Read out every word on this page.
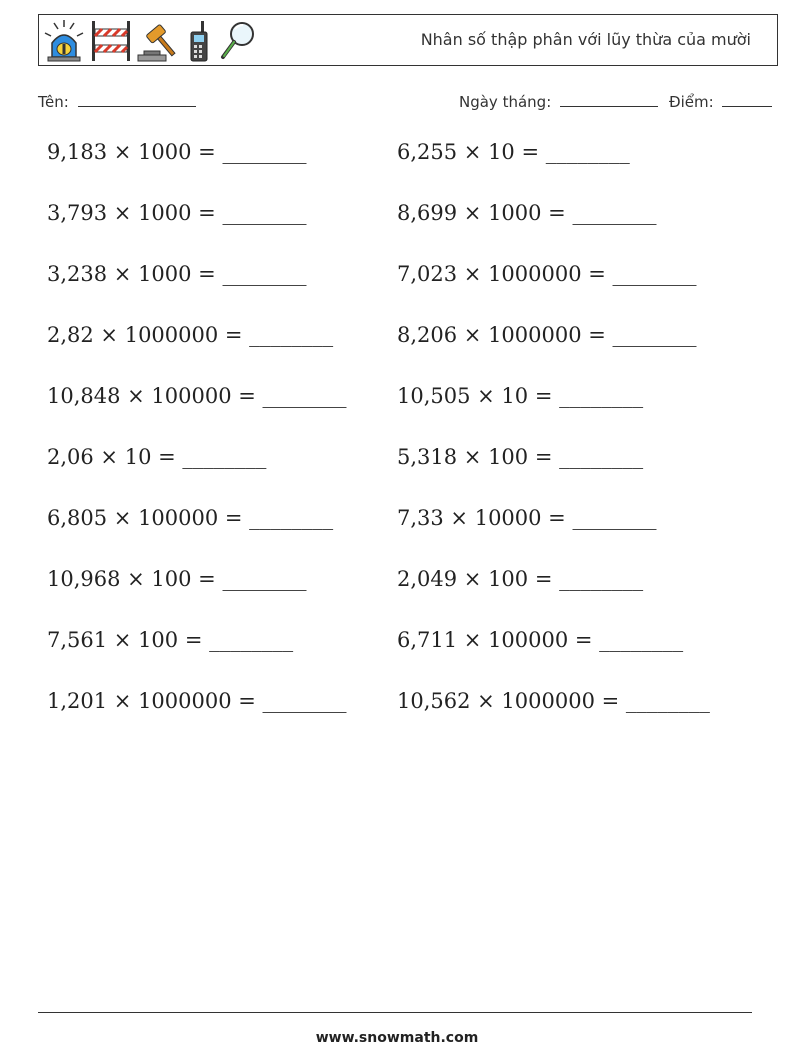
Nhân số thập phân với lũy thừa của mười
Tên:	Ngày tháng:	Điểm:
9,183 × 1000 = ________	6,255 × 10 = ________
3,793 × 1000 = ________	8,699 × 1000 = ________
3,238 × 1000 = ________	7,023 × 1000000 = ________
2,82 × 1000000 = ________	8,206 × 1000000 = ________
10,848 × 100000 = ________ 10,505 × 10 = ________
2,06 × 10 = ________	5,318 × 100 = ________
6,805 × 100000 = ________	7,33 × 10000 = ________
10,968 × 100 = ________	2,049 × 100 = ________
7,561 × 100 = ________	6,711 × 100000 = ________
1,201 × 1000000 = ________ 10,562 × 1000000 = ________
www.snowmath.com
